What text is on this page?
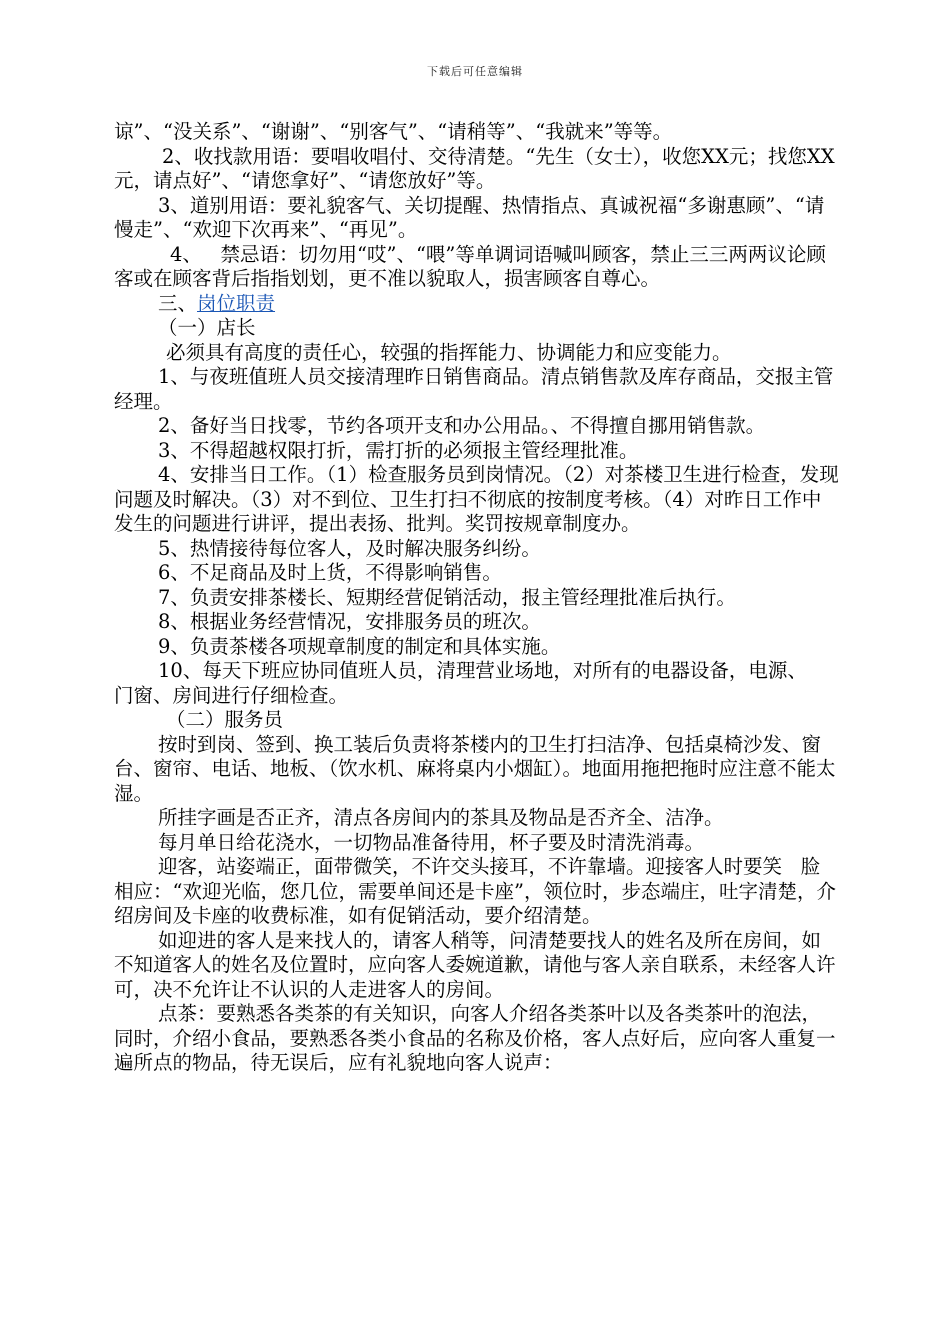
下载后可任意编辑

谅”、“没关系”、“谢谢”、“别客气”、“请稍等”、“我就来”等等。

2、收找款用语：要唱收唱付、交待清楚。“先生（女士），收您XX元；找您XX元，请点好”、“请您拿好”、“请您放好”等。

3、道别用语：要礼貌客气、关切提醒、热情指点、真诚祝福“多谢惠顾”、“请慢走”、“欢迎下次再来”、“再见”。

4、   禁忌语：切勿用“哎”、“喂”等单调词语喊叫顾客，禁止三三两两议论顾客或在顾客背后指指划划，更不准以貌取人，损害顾客自尊心。

三、岗位职责

（一）店长

必须具有高度的责任心，较强的指挥能力、协调能力和应变能力。

1、与夜班值班人员交接清理昨日销售商品。清点销售款及库存商品，交报主管经理。

2、备好当日找零，节约各项开支和办公用品。、不得擅自挪用销售款。

3、不得超越权限打折，需打折的必须报主管经理批准。

4、安排当日工作。（1）检查服务员到岗情况。（2）对茶楼卫生进行检查，发现问题及时解决。（3）对不到位、卫生打扫不彻底的按制度考核。（4）对昨日工作中发生的问题进行讲评，提出表扬、批判。奖罚按规章制度办。

5、热情接待每位客人，及时解决服务纠纷。

6、不足商品及时上货，不得影响销售。

7、负责安排茶楼长、短期经营促销活动，报主管经理批准后执行。

8、根据业务经营情况，安排服务员的班次。

9、负责茶楼各项规章制度的制定和具体实施。

10、每天下班应协同值班人员，清理营业场地，对所有的电器设备，电源、   门窗、房间进行仔细检查。

（二）服务员

按时到岗、签到、换工装后负责将茶楼内的卫生打扫洁净、包括桌椅沙发、窗台、窗帘、电话、地板、（饮水机、麻将桌内小烟缸）。地面用拖把拖时应注意不能太湿。

所挂字画是否正齐，清点各房间内的茶具及物品是否齐全、洁净。

每月单日给花浇水，一切物品准备待用，杯子要及时清洗消毒。

迎客，站姿端正，面带微笑，不许交头接耳，不许靠墙。迎接客人时要笑   脸相应：“欢迎光临，您几位，需要单间还是卡座”，领位时，步态端庄，吐字清楚，介绍房间及卡座的收费标准，如有促销活动，要介绍清楚。

如迎进的客人是来找人的，请客人稍等，问清楚要找人的姓名及所在房间，如不知道客人的姓名及位置时，应向客人委婉道歉，请他与客人亲自联系，未经客人许可，决不允许让不认识的人走进客人的房间。

点茶：要熟悉各类茶的有关知识，向客人介绍各类茶叶以及各类茶叶的泡法，同时，介绍小食品，要熟悉各类小食品的名称及价格，客人点好后，应向客人重复一遍所点的物品，待无误后，应有礼貌地向客人说声：
